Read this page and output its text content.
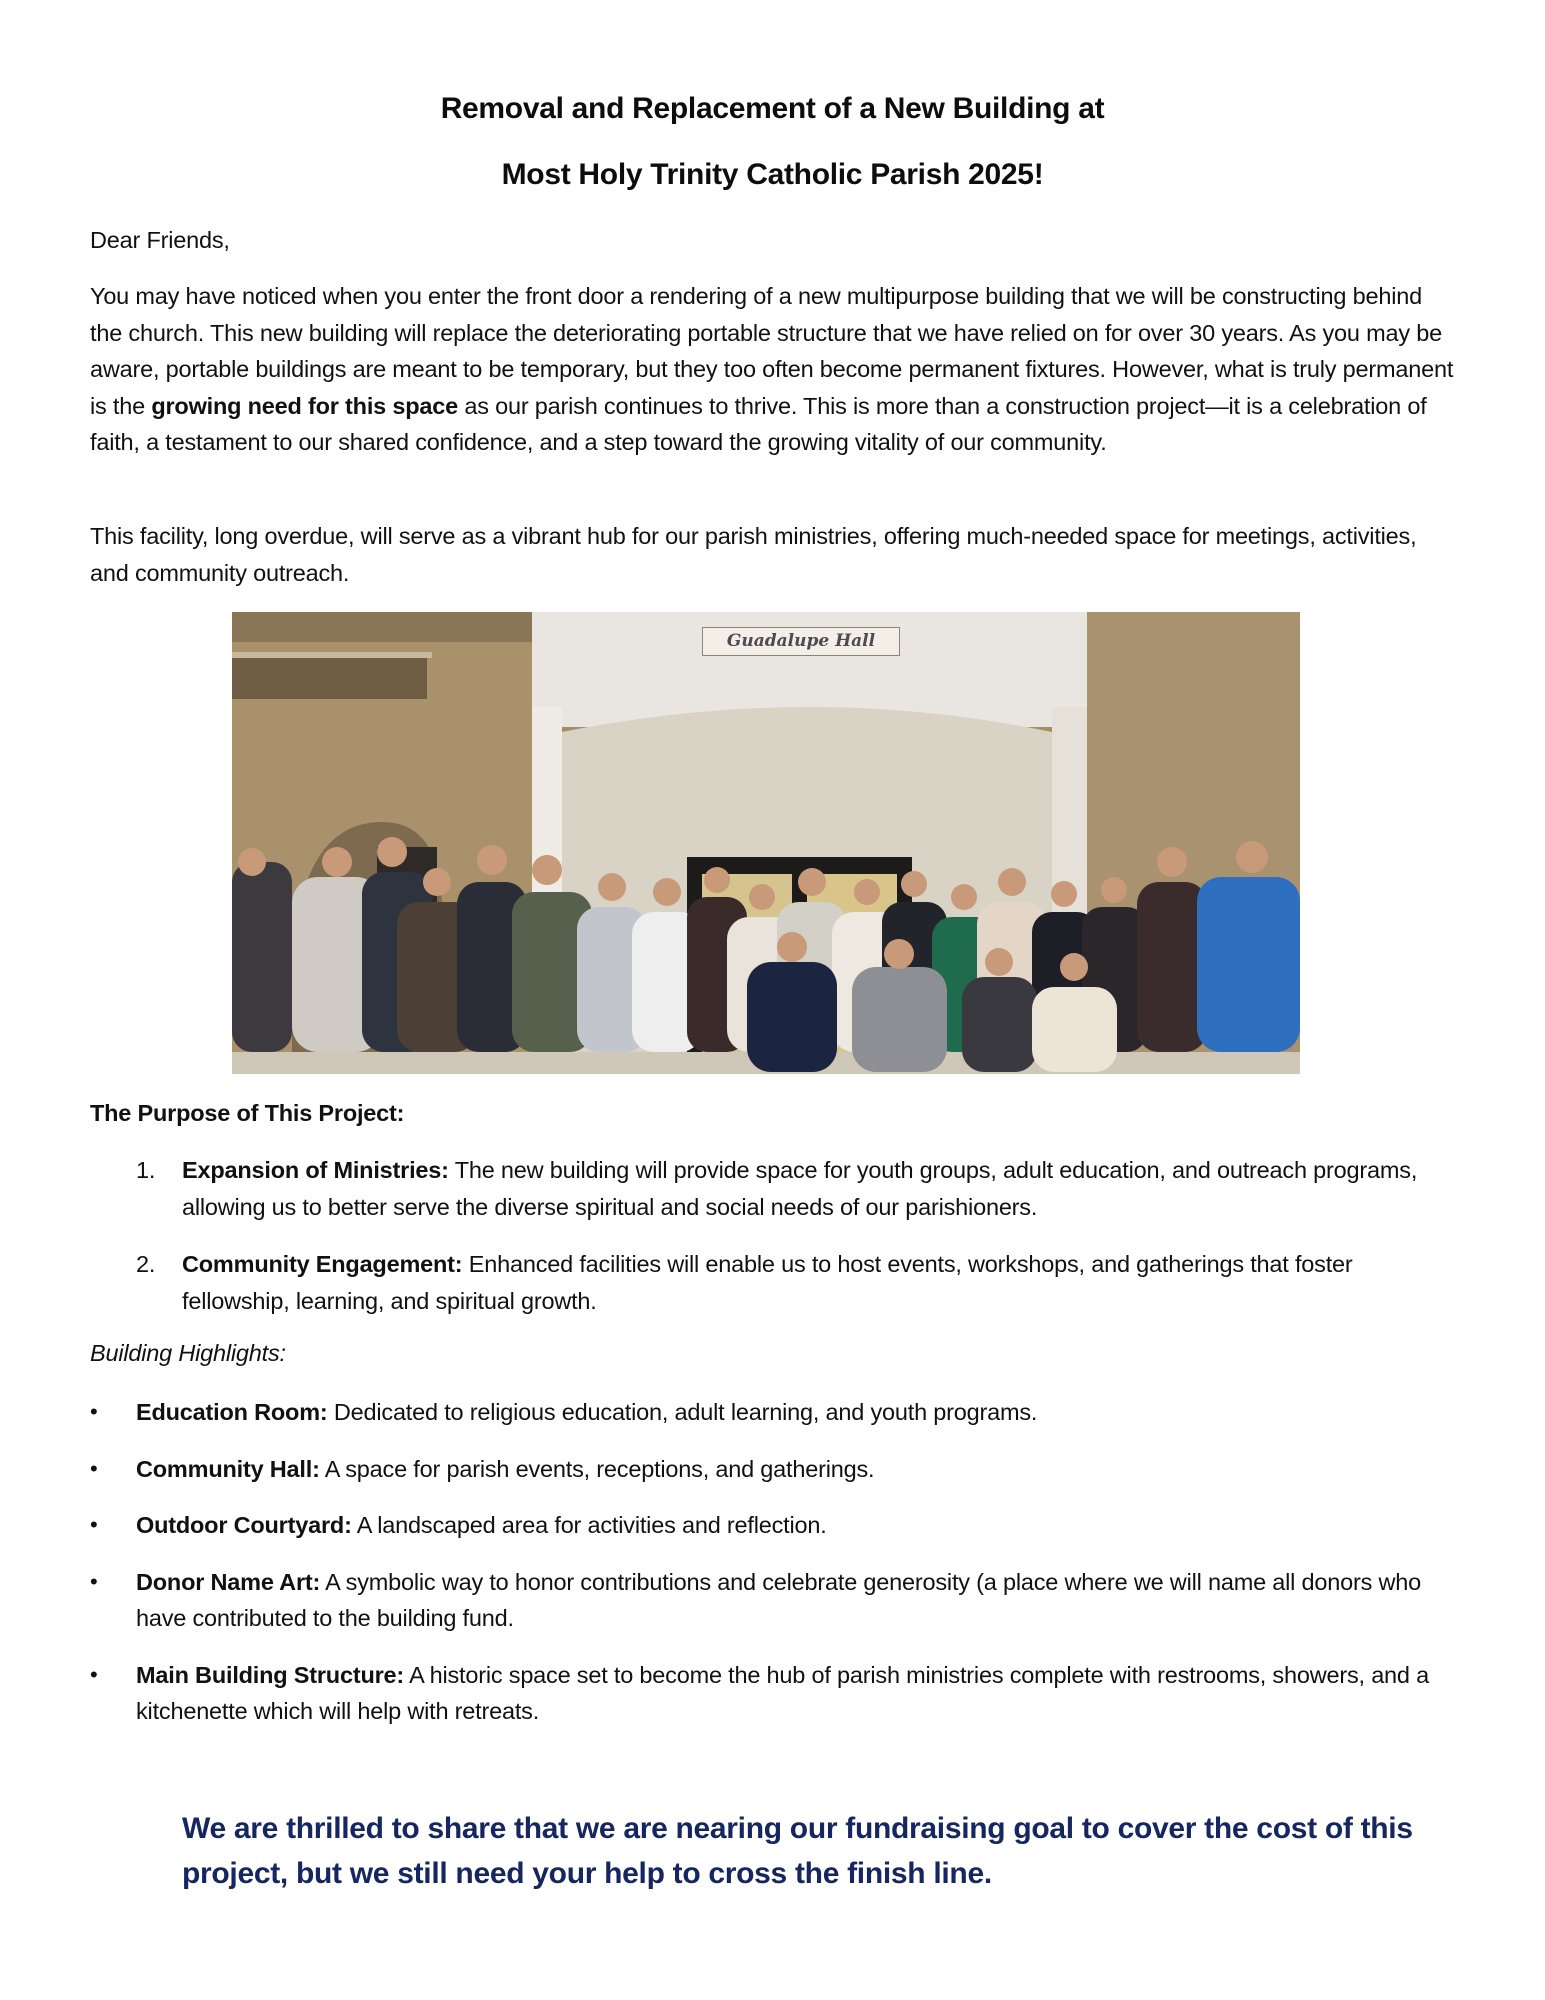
Removal and Replacement of a New Building at
Most Holy Trinity Catholic Parish 2025!
Dear Friends,
You may have noticed when you enter the front door a rendering of a new multipurpose building that we will be constructing behind the church. This new building will replace the deteriorating portable structure that we have relied on for over 30 years. As you may be aware, portable buildings are meant to be temporary, but they too often become permanent fixtures. However, what is truly permanent is the growing need for this space as our parish continues to thrive. This is more than a construction project—it is a celebration of faith, a testament to our shared confidence, and a step toward the growing vitality of our community.
This facility, long overdue, will serve as a vibrant hub for our parish ministries, offering much-needed space for meetings, activities, and community outreach.
Guadalupe Hall
The Purpose of This Project:
1. Expansion of Ministries: The new building will provide space for youth groups, adult education, and outreach programs, allowing us to better serve the diverse spiritual and social needs of our parishioners.
2. Community Engagement: Enhanced facilities will enable us to host events, workshops, and gatherings that foster fellowship, learning, and spiritual growth.
Building Highlights:
• Education Room: Dedicated to religious education, adult learning, and youth programs.
• Community Hall: A space for parish events, receptions, and gatherings.
• Outdoor Courtyard: A landscaped area for activities and reflection.
• Donor Name Art: A symbolic way to honor contributions and celebrate generosity (a place where we will name all donors who have contributed to the building fund.
• Main Building Structure: A historic space set to become the hub of parish ministries complete with restrooms, showers, and a kitchenette which will help with retreats.
We are thrilled to share that we are nearing our fundraising goal to cover the cost of this project, but we still need your help to cross the finish line.
